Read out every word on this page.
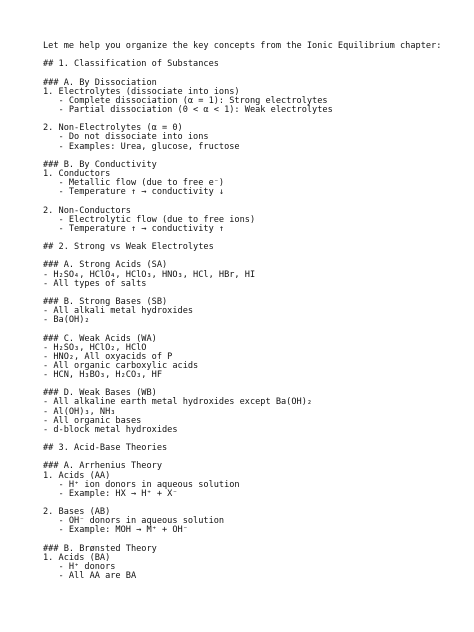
Let me help you organize the key concepts from the Ionic Equilibrium chapter:
## 1. Classification of Substances
### A. By Dissociation
1. Electrolytes (dissociate into ions)
- Complete dissociation (α = 1): Strong electrolytes
- Partial dissociation (0 < α < 1): Weak electrolytes
2. Non-Electrolytes (α = 0)
- Do not dissociate into ions
- Examples: Urea, glucose, fructose
### B. By Conductivity
1. Conductors
- Metallic flow (due to free e⁻)
- Temperature ↑ → conductivity ↓
2. Non-Conductors
- Electrolytic flow (due to free ions)
- Temperature ↑ → conductivity ↑
## 2. Strong vs Weak Electrolytes
### A. Strong Acids (SA)
- H₂SO₄, HClO₄, HClO₃, HNO₃, HCl, HBr, HI
- All types of salts
### B. Strong Bases (SB)
- All alkali metal hydroxides
- Ba(OH)₂
### C. Weak Acids (WA)
- H₂SO₃, HClO₂, HClO
- HNO₂, All oxyacids of P
- All organic carboxylic acids
- HCN, H₃BO₃, H₂CO₃, HF
### D. Weak Bases (WB)
- All alkaline earth metal hydroxides except Ba(OH)₂
- Al(OH)₃, NH₃
- All organic bases
- d-block metal hydroxides
## 3. Acid-Base Theories
### A. Arrhenius Theory
1. Acids (AA)
- H⁺ ion donors in aqueous solution
- Example: HX → H⁺ + X⁻
2. Bases (AB)
- OH⁻ donors in aqueous solution
- Example: MOH → M⁺ + OH⁻
### B. Brønsted Theory
1. Acids (BA)
- H⁺ donors
- All AA are BA
